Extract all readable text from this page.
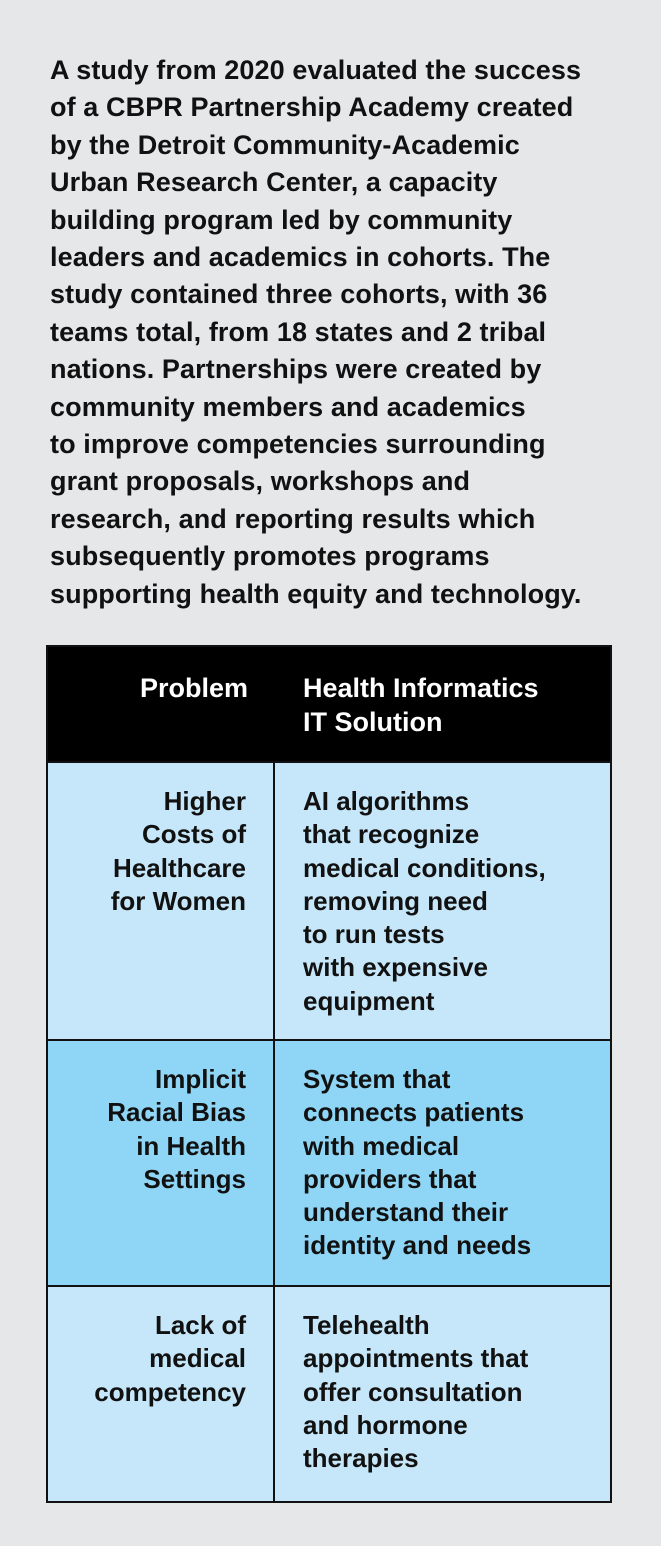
A study from 2020 evaluated the success
of a CBPR Partnership Academy created
by the Detroit Community-Academic
Urban Research Center, a capacity
building program led by community
leaders and academics in cohorts. The
study contained three cohorts, with 36
teams total, from 18 states and 2 tribal
nations. Partnerships were created by
community members and academics
to improve competencies surrounding
grant proposals, workshops and
research, and reporting results which
subsequently promotes programs
supporting health equity and technology.
Problem Health Informatics
IT Solution
Higher
Costs of
Healthcare
for Women
AI algorithms
that recognize
medical conditions,
removing need
to run tests
with expensive
equipment
Implicit
Racial Bias
in Health
Settings
System that
connects patients
with medical
providers that
understand their
identity and needs
Lack of
medical
competency
Telehealth
appointments that
offer consultation
and hormone
therapies
